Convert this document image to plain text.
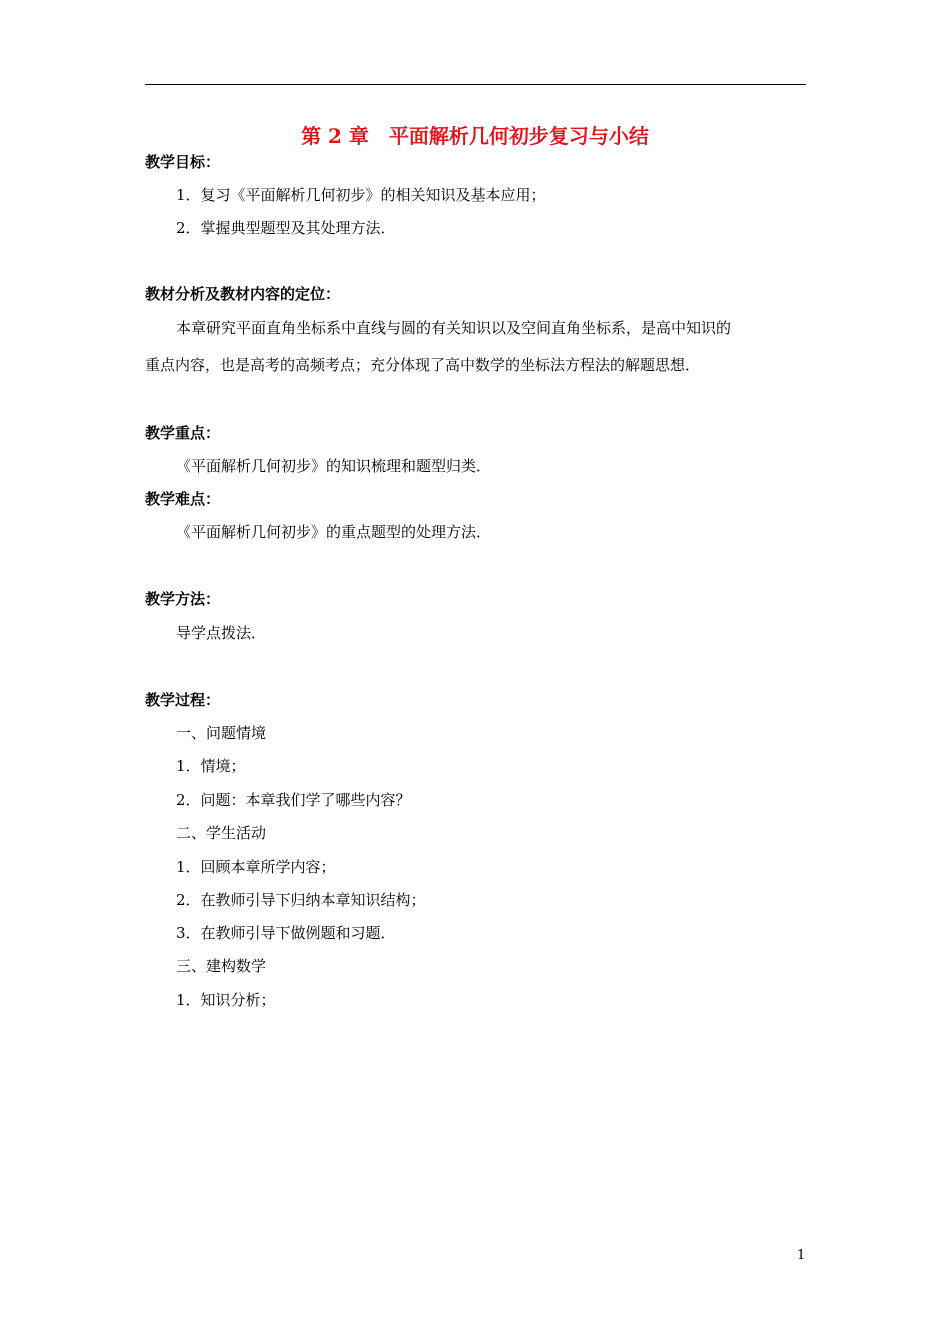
第 2 章　平面解析几何初步复习与小结
教学目标：
1．复习《平面解析几何初步》的相关知识及基本应用；
2．掌握典型题型及其处理方法．
教材分析及教材内容的定位：
本章研究平面直角坐标系中直线与圆的有关知识以及空间直角坐标系，是高中知识的
重点内容，也是高考的高频考点；充分体现了高中数学的坐标法方程法的解题思想．
教学重点：
《平面解析几何初步》的知识梳理和题型归类．
教学难点：
《平面解析几何初步》的重点题型的处理方法．
教学方法：
导学点拨法．
教学过程：
一、问题情境
1．情境；
2．问题：本章我们学了哪些内容？
二、学生活动
1．回顾本章所学内容；
2．在教师引导下归纳本章知识结构；
3．在教师引导下做例题和习题．
三、建构数学
1．知识分析；
1
